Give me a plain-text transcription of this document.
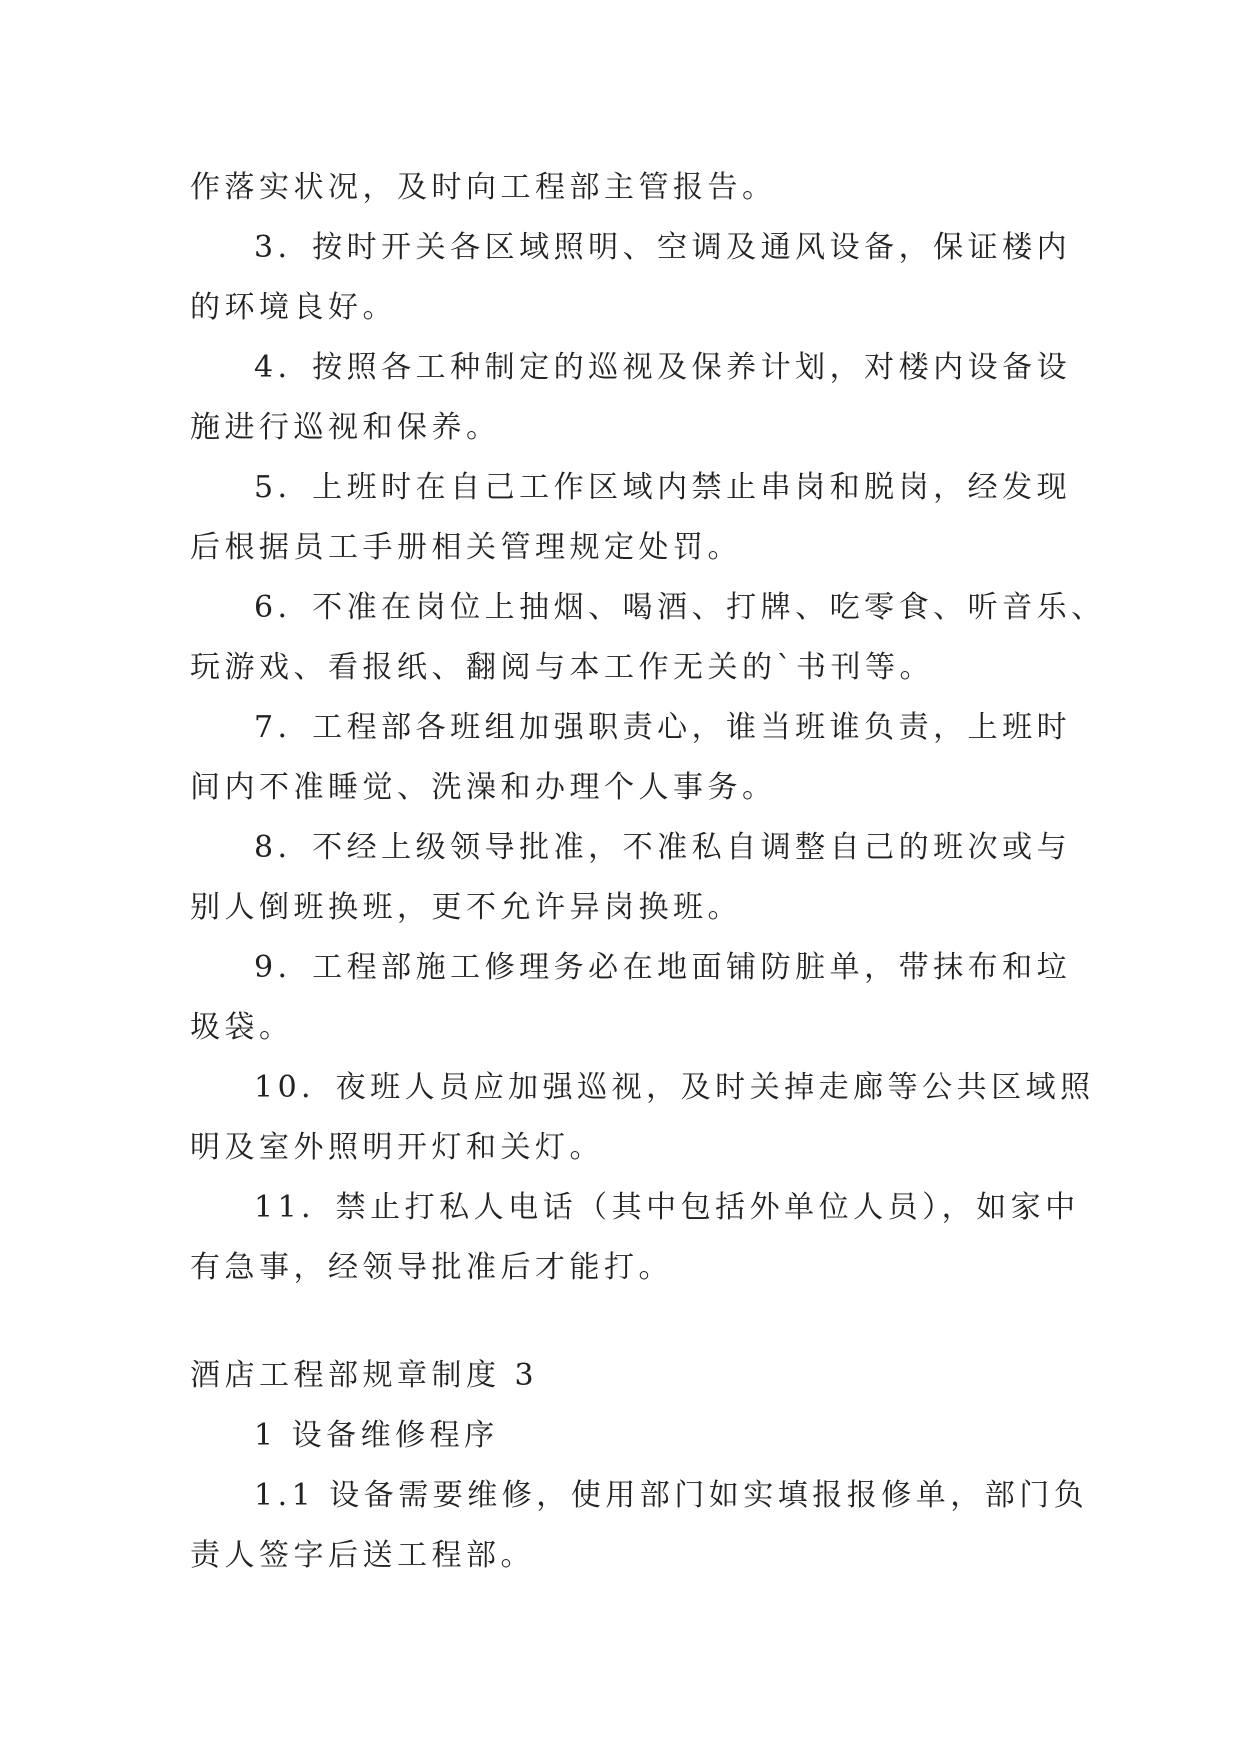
作落实状况，及时向工程部主管报告。
3．按时开关各区域照明、空调及通风设备，保证楼内
的环境良好。
4．按照各工种制定的巡视及保养计划，对楼内设备设
施进行巡视和保养。
5．上班时在自己工作区域内禁止串岗和脱岗，经发现
后根据员工手册相关管理规定处罚。
6．不准在岗位上抽烟、喝酒、打牌、吃零食、听音乐、
玩游戏、看报纸、翻阅与本工作无关的`书刊等。
7．工程部各班组加强职责心，谁当班谁负责，上班时
间内不准睡觉、洗澡和办理个人事务。
8．不经上级领导批准，不准私自调整自己的班次或与
别人倒班换班，更不允许异岗换班。
9．工程部施工修理务必在地面铺防脏单，带抹布和垃
圾袋。
10．夜班人员应加强巡视，及时关掉走廊等公共区域照
明及室外照明开灯和关灯。
11．禁止打私人电话（其中包括外单位人员），如家中
有急事，经领导批准后才能打。
酒店工程部规章制度 3
1 设备维修程序
1.1 设备需要维修，使用部门如实填报报修单，部门负
责人签字后送工程部。
